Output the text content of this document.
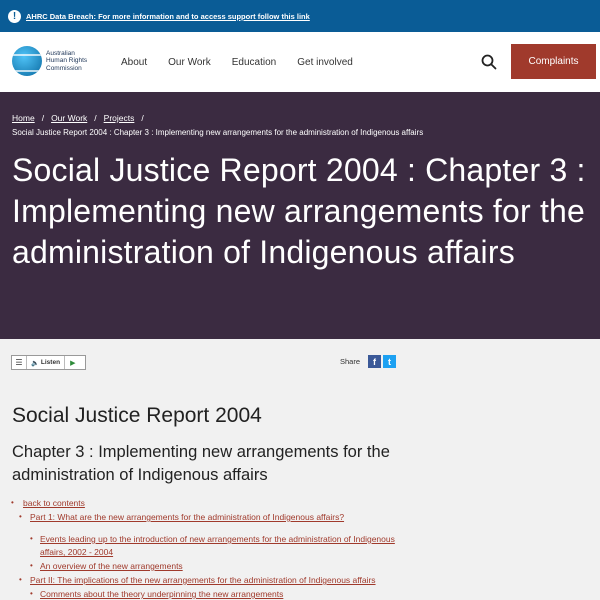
!	AHRC Data Breach: For more information and to access support follow this link
Australian
Human Rights
Commission
About Our Work Education Get involved	Complaints
Home / Our Work / Projects /
Social Justice Report 2004 : Chapter 3 : Implementing new arrangements for the administration of Indigenous affairs
Social Justice Report 2004 : Chapter 3 : Implementing new arrangements for the administration of Indigenous affairs
☰	🔈 Listen	▶	Share	f	t
Social Justice Report 2004
Chapter 3 : Implementing new arrangements for the administration of Indigenous affairs
• back to contents
• Part 1: What are the new arrangements for the administration of Indigenous affairs?
• Events leading up to the introduction of new arrangements for the administration of Indigenous affairs, 2002 - 2004
• An overview of the new arrangements
• Part II: The implications of the new arrangements for the administration of Indigenous affairs
• Comments about the theory underpinning the new arrangements
